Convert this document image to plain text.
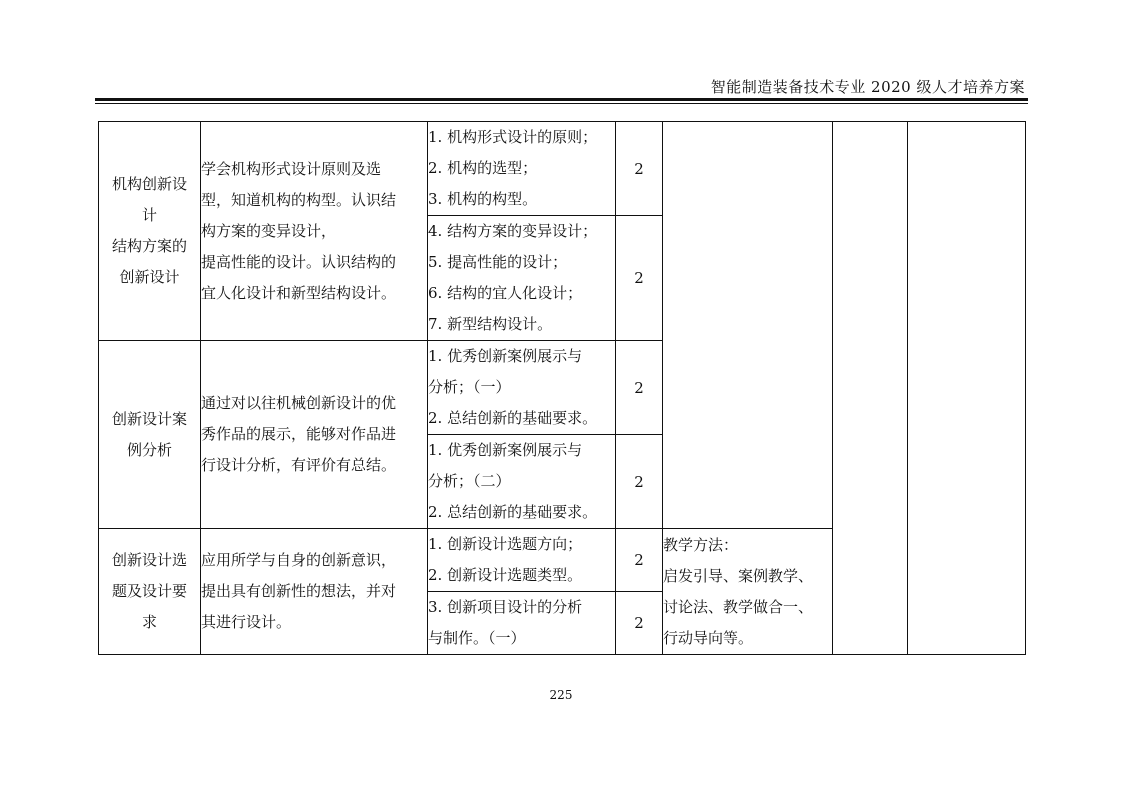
智能制造装备技术专业 2020 级人才培养方案
机构创新设
计
结构方案的
创新设计	学会机构形式设计原则及选
型，知道机构的构型。认识结
构方案的变异设计，
提高性能的设计。认识结构的
宜人化设计和新型结构设计。	1. 机构形式设计的原则；
2. 机构的选型；
3. 机构的构型。	2			

		4. 结构方案的变异设计；
5. 提高性能的设计；
6. 结构的宜人化设计；
7. 新型结构设计。	2			

创新设计案
例分析	通过对以往机械创新设计的优
秀作品的展示，能够对作品进
行设计分析，有评价有总结。	1. 优秀创新案例展示与
分析；（一）
2. 总结创新的基础要求。	2			

		1. 优秀创新案例展示与
分析；（二）
2. 总结创新的基础要求。	2			

创新设计选
题及设计要
求	应用所学与自身的创新意识，
提出具有创新性的想法，并对
其进行设计。	1. 创新设计选题方向；
2. 创新设计选题类型。	2	教学方法：
启发引导、案例教学、
讨论法、教学做合一、
行动导向等。		

		3. 创新项目设计的分析
与制作。（一）	2			
225
